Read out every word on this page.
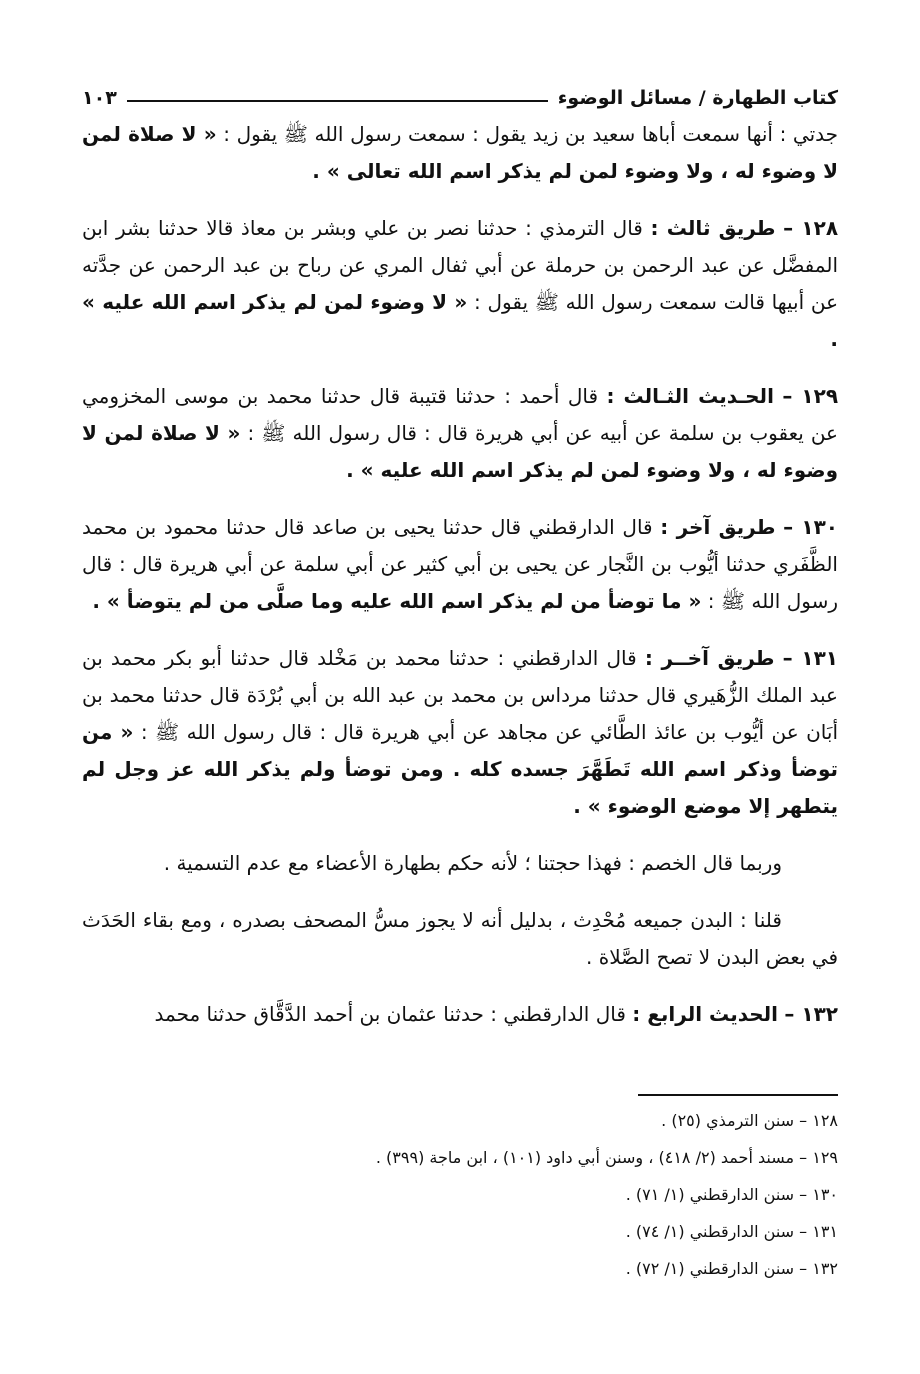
كتاب الطهارة / مسائل الوضوء
١٠٣

جدتي : أنها سمعت أباها سعيد بن زيد يقول : سمعت رسول الله ﷺ يقول : « لا صلاة لمن لا وضوء له ، ولا وضوء لمن لم يذكر اسم الله تعالى » .

١٢٨ – طريق ثالث : قال الترمذي : حدثنا نصر بن علي وبشر بن معاذ قالا حدثنا بشر ابن المفضَّل عن عبد الرحمن بن حرملة عن أبي ثفال المري عن رباح بن عبد الرحمن عن جدَّته عن أبيها قالت سمعت رسول الله ﷺ يقول : « لا وضوء لمن لم يذكر اسم الله عليه » .

١٢٩ – الحـديث الثـالث : قال أحمد : حدثنا قتيبة قال حدثنا محمد بن موسى المخزومي عن يعقوب بن سلمة عن أبيه عن أبي هريرة قال : قال رسول الله ﷺ : « لا صلاة لمن لا وضوء له ، ولا وضوء لمن لم يذكر اسم الله عليه » .

١٣٠ – طريق آخر : قال الدارقطني قال حدثنا يحيى بن صاعد قال حدثنا محمود بن محمد الظَّفَري حدثنا أيُّوب بن النَّجار عن يحيى بن أبي كثير عن أبي سلمة عن أبي هريرة قال : قال رسول الله ﷺ : « ما توضأ من لم يذكر اسم الله عليه وما صلَّى من لم يتوضأ » .

١٣١ – طريق آخــر : قال الدارقطني : حدثنا محمد بن مَخْلد قال حدثنا أبو بكر محمد بن عبد الملك الزُّهَيري قال حدثنا مرداس بن محمد بن عبد الله بن أبي بُرْدَة قال حدثنا محمد بن أبَان عن أيُّوب بن عائذ الطَّائي عن مجاهد عن أبي هريرة قال : قال رسول الله ﷺ : « من توضأ وذكر اسم الله تَطَهَّرَ جسده كله . ومن توضأ ولم يذكر الله عز وجل لم يتطهر إلا موضع الوضوء » .

وربما قال الخصم : فهذا حجتنا ؛ لأنه حكم بطهارة الأعضاء مع عدم التسمية .

قلنا : البدن جميعه مُحْدِث ، بدليل أنه لا يجوز مسُّ المصحف بصدره ، ومع بقاء الحَدَث في بعض البدن لا تصح الصَّلاة .

١٣٢ – الحديث الرابع : قال الدارقطني : حدثنا عثمان بن أحمد الدَّقَّاق حدثنا محمد

١٢٨ – سنن الترمذي (٢٥) .
١٢٩ – مسند أحمد (٢/ ٤١٨) ، وسنن أبي داود (١٠١) ، ابن ماجة (٣٩٩) .
١٣٠ – سنن الدارقطني (١/ ٧١) .
١٣١ – سنن الدارقطني (١/ ٧٤) .
١٣٢ – سنن الدارقطني (١/ ٧٢) .
